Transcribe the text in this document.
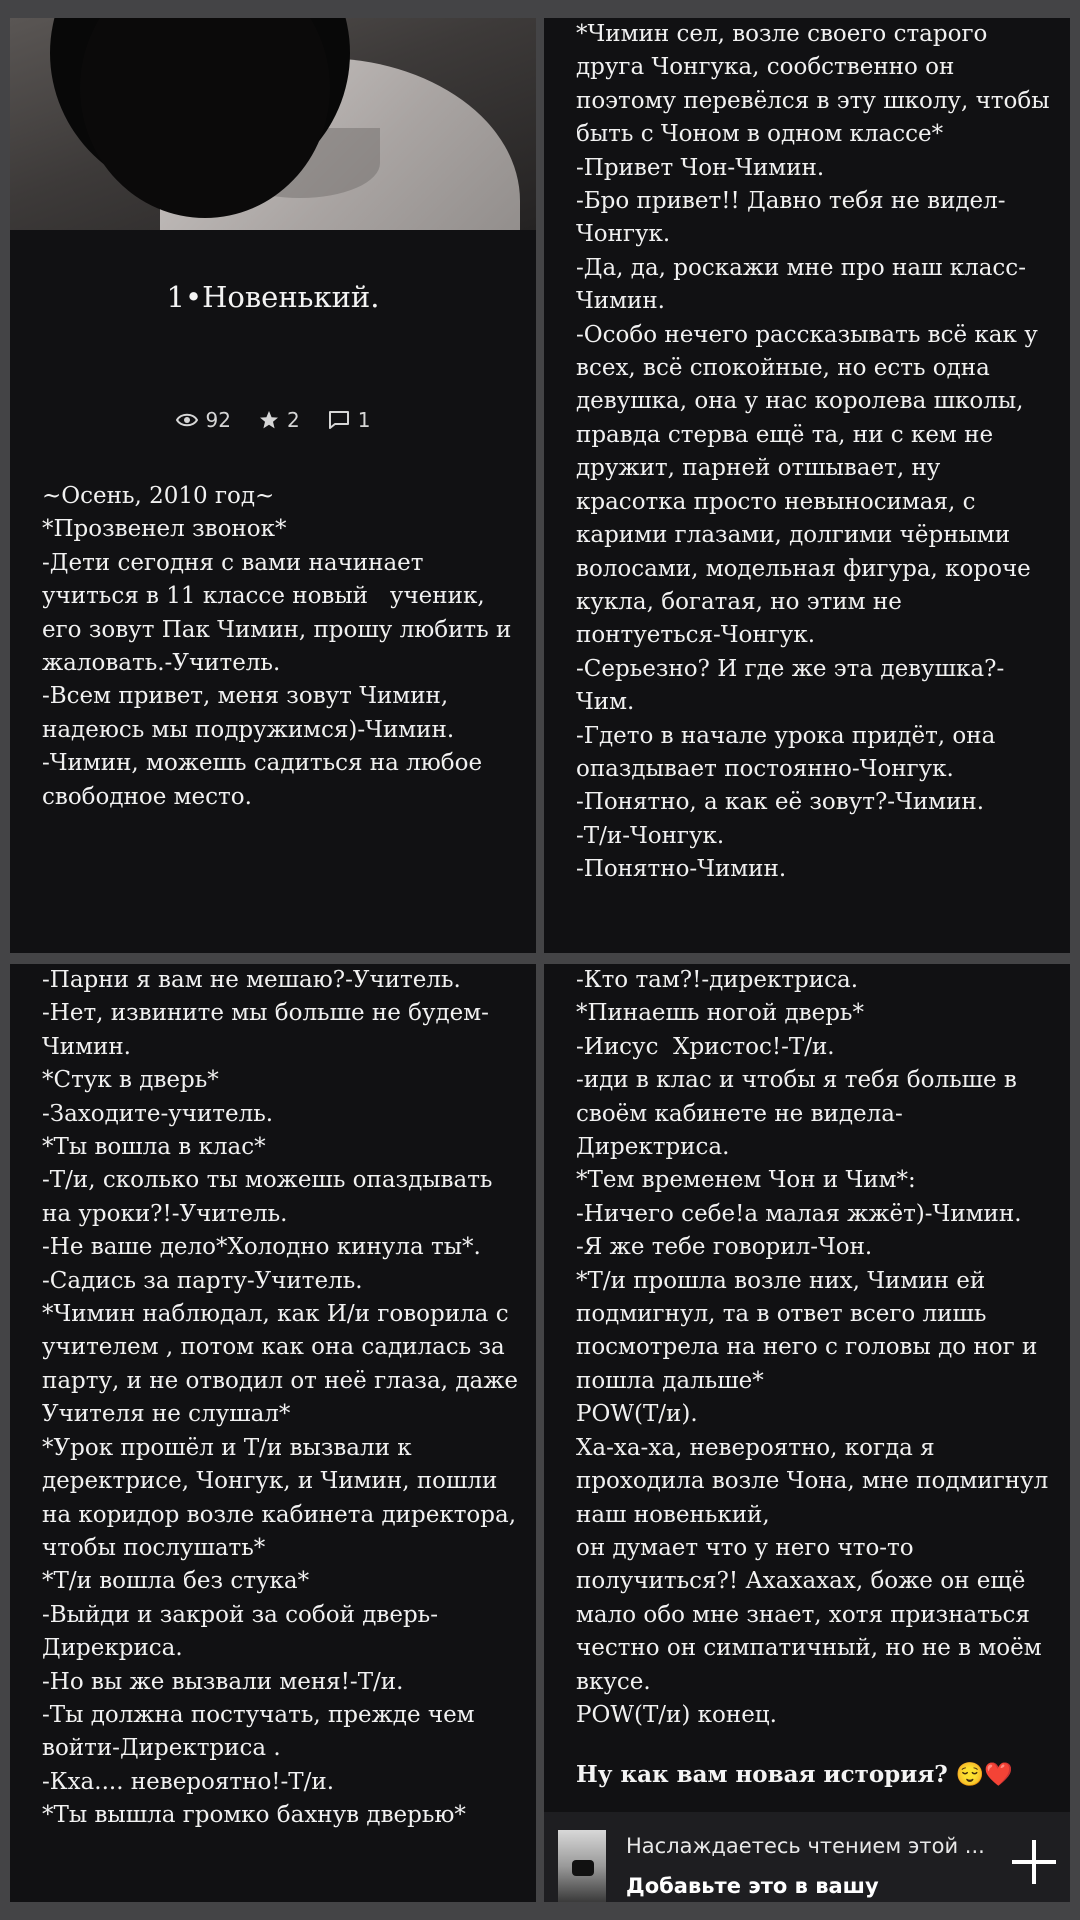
1•Новенький.
92	2	1
~Осень, 2010 год~
*Прозвенел звонок*
-Дети сегодня с вами начинает учиться в 11 классе новый   ученик, его зовут Пак Чимин, прошу любить и жаловать.-Учитель.
-Всем привет, меня зовут Чимин, надеюсь мы подружимся)-Чимин.
-Чимин, можешь садиться на любое свободное место.
*Чимин сел, возле своего старого друга Чонгука, сообственно он поэтому перевёлся в эту школу, чтобы быть с Чоном в одном классе*
-Привет Чон-Чимин.
-Бро привет!! Давно тебя не видел-Чонгук.
-Да, да, роскажи мне про наш класс-Чимин.
-Особо нечего рассказывать всё как у всех, всё спокойные, но есть одна девушка, она у нас королева школы, правда стерва ещё та, ни с кем не дружит, парней отшывает, ну красотка просто невыносимая, с карими глазами, долгими чёрными волосами, модельная фигура, короче  кукла, богатая, но этим не понтуеться-Чонгук.
-Серьезно? И где же эта девушка?-Чим.
-Гдето в начале урока придёт, она опаздывает постоянно-Чонгук.
-Понятно, а как её зовут?-Чимин.
-Т/и-Чонгук.
-Понятно-Чимин.
-Парни я вам не мешаю?-Учитель.
-Нет, извините мы больше не будем-Чимин.
*Стук в дверь*
-Заходите-учитель.
*Ты вошла в клас*
-Т/и, сколько ты можешь опаздывать на уроки?!-Учитель.
-Не ваше дело*Холодно кинула ты*.
-Садись за парту-Учитель.
*Чимин наблюдал, как И/и говорила с учителем , потом как она садилась за парту, и не отводил от неё глаза, даже Учителя не слушал*
*Урок прошёл и Т/и вызвали к деректрисе, Чонгук, и Чимин, пошли на коридор возле кабинета директора, чтобы послушать*
*Т/и вошла без стука*
-Выйди и закрой за собой дверь-Дирекриса.
-Но вы же вызвали меня!-Т/и.
-Ты должна постучать, прежде чем войти-Директриса .
-Кха.... невероятно!-Т/и.
*Ты вышла громко бахнув дверью*
-Кто там?!-директриса.
*Пинаешь ногой дверь*
-Иисус  Христос!-Т/и.
-иди в клас и чтобы я тебя больше в своём кабинете не видела-Директриса.
*Тем временем Чон и Чим*:
-Ничего себе!а малая жжёт)-Чимин.
-Я же тебе говорил-Чон.
*Т/и прошла возле них, Чимин ей подмигнул, та в ответ всего лишь посмотрела на него с головы до ног и пошла дальше*
POW(Т/и).
Ха-ха-ха, невероятно, когда я проходила возле Чона, мне подмигнул наш новенький,
он думает что у него что-то получиться?! Ахахахах, боже он ещё мало обо мне знает, хотя признаться честно он симпатичный, но не в моём вкусе.
POW(Т/и) конец.
Ну как вам новая история? 😌❤️
Наслаждаетесь чтением этой ...
Добавьте это в вашу
